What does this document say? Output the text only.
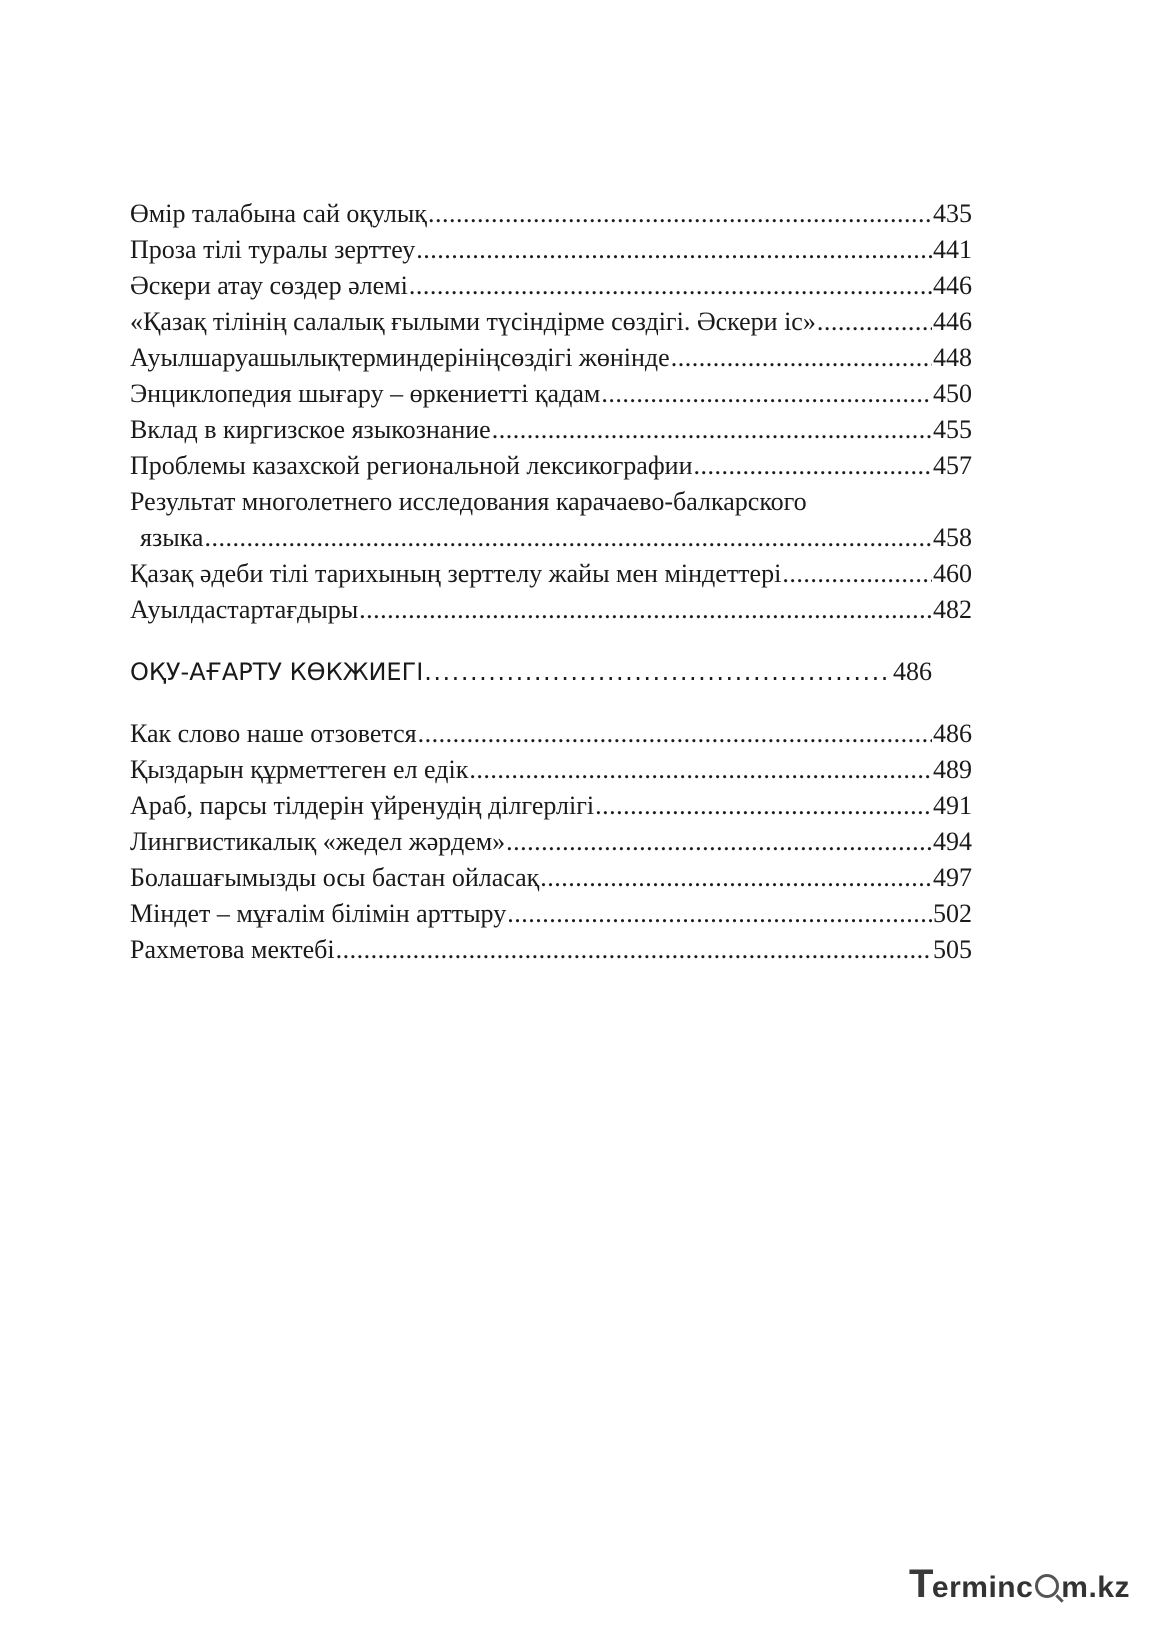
Өмір талабына сай оқулық .....	435
Проза тілі туралы зерттеу .....	441
Әскери атау сөздер әлемі .....	446
«Қазақ тілінің салалық ғылыми түсіндірме сөздігі. Әскери іс» .....	446
Ауылшаруашылықтерминдерініңсөздігі жөнінде .....	448
Энциклопедия шығару – өркениетті қадам .....	450
Вклад в киргизское языкознание .....	455
Проблемы казахской региональной лексикографии .....	457
Результат многолетнего исследования карачаево-балкарского
языка .....	458
Қазақ әдеби тілі тарихының зерттелу жайы мен міндеттері .....	460
Ауылдастартағдыры .....	482
ОҚУ-АҒАРТУ КӨКЖИЕГІ .....	486
Как слово наше отзовется .....	486
Қыздарын құрметтеген ел едік .....	489
Араб, парсы тілдерін үйренудің ділгерлігі .....	491
Лингвистикалық «жедел жәрдем» .....	494
Болашағымызды осы бастан ойласақ .....	497
Міндет – мұғалім білімін арттыру .....	502
Рахметова мектебі .....	505
T
erminc m.kz
